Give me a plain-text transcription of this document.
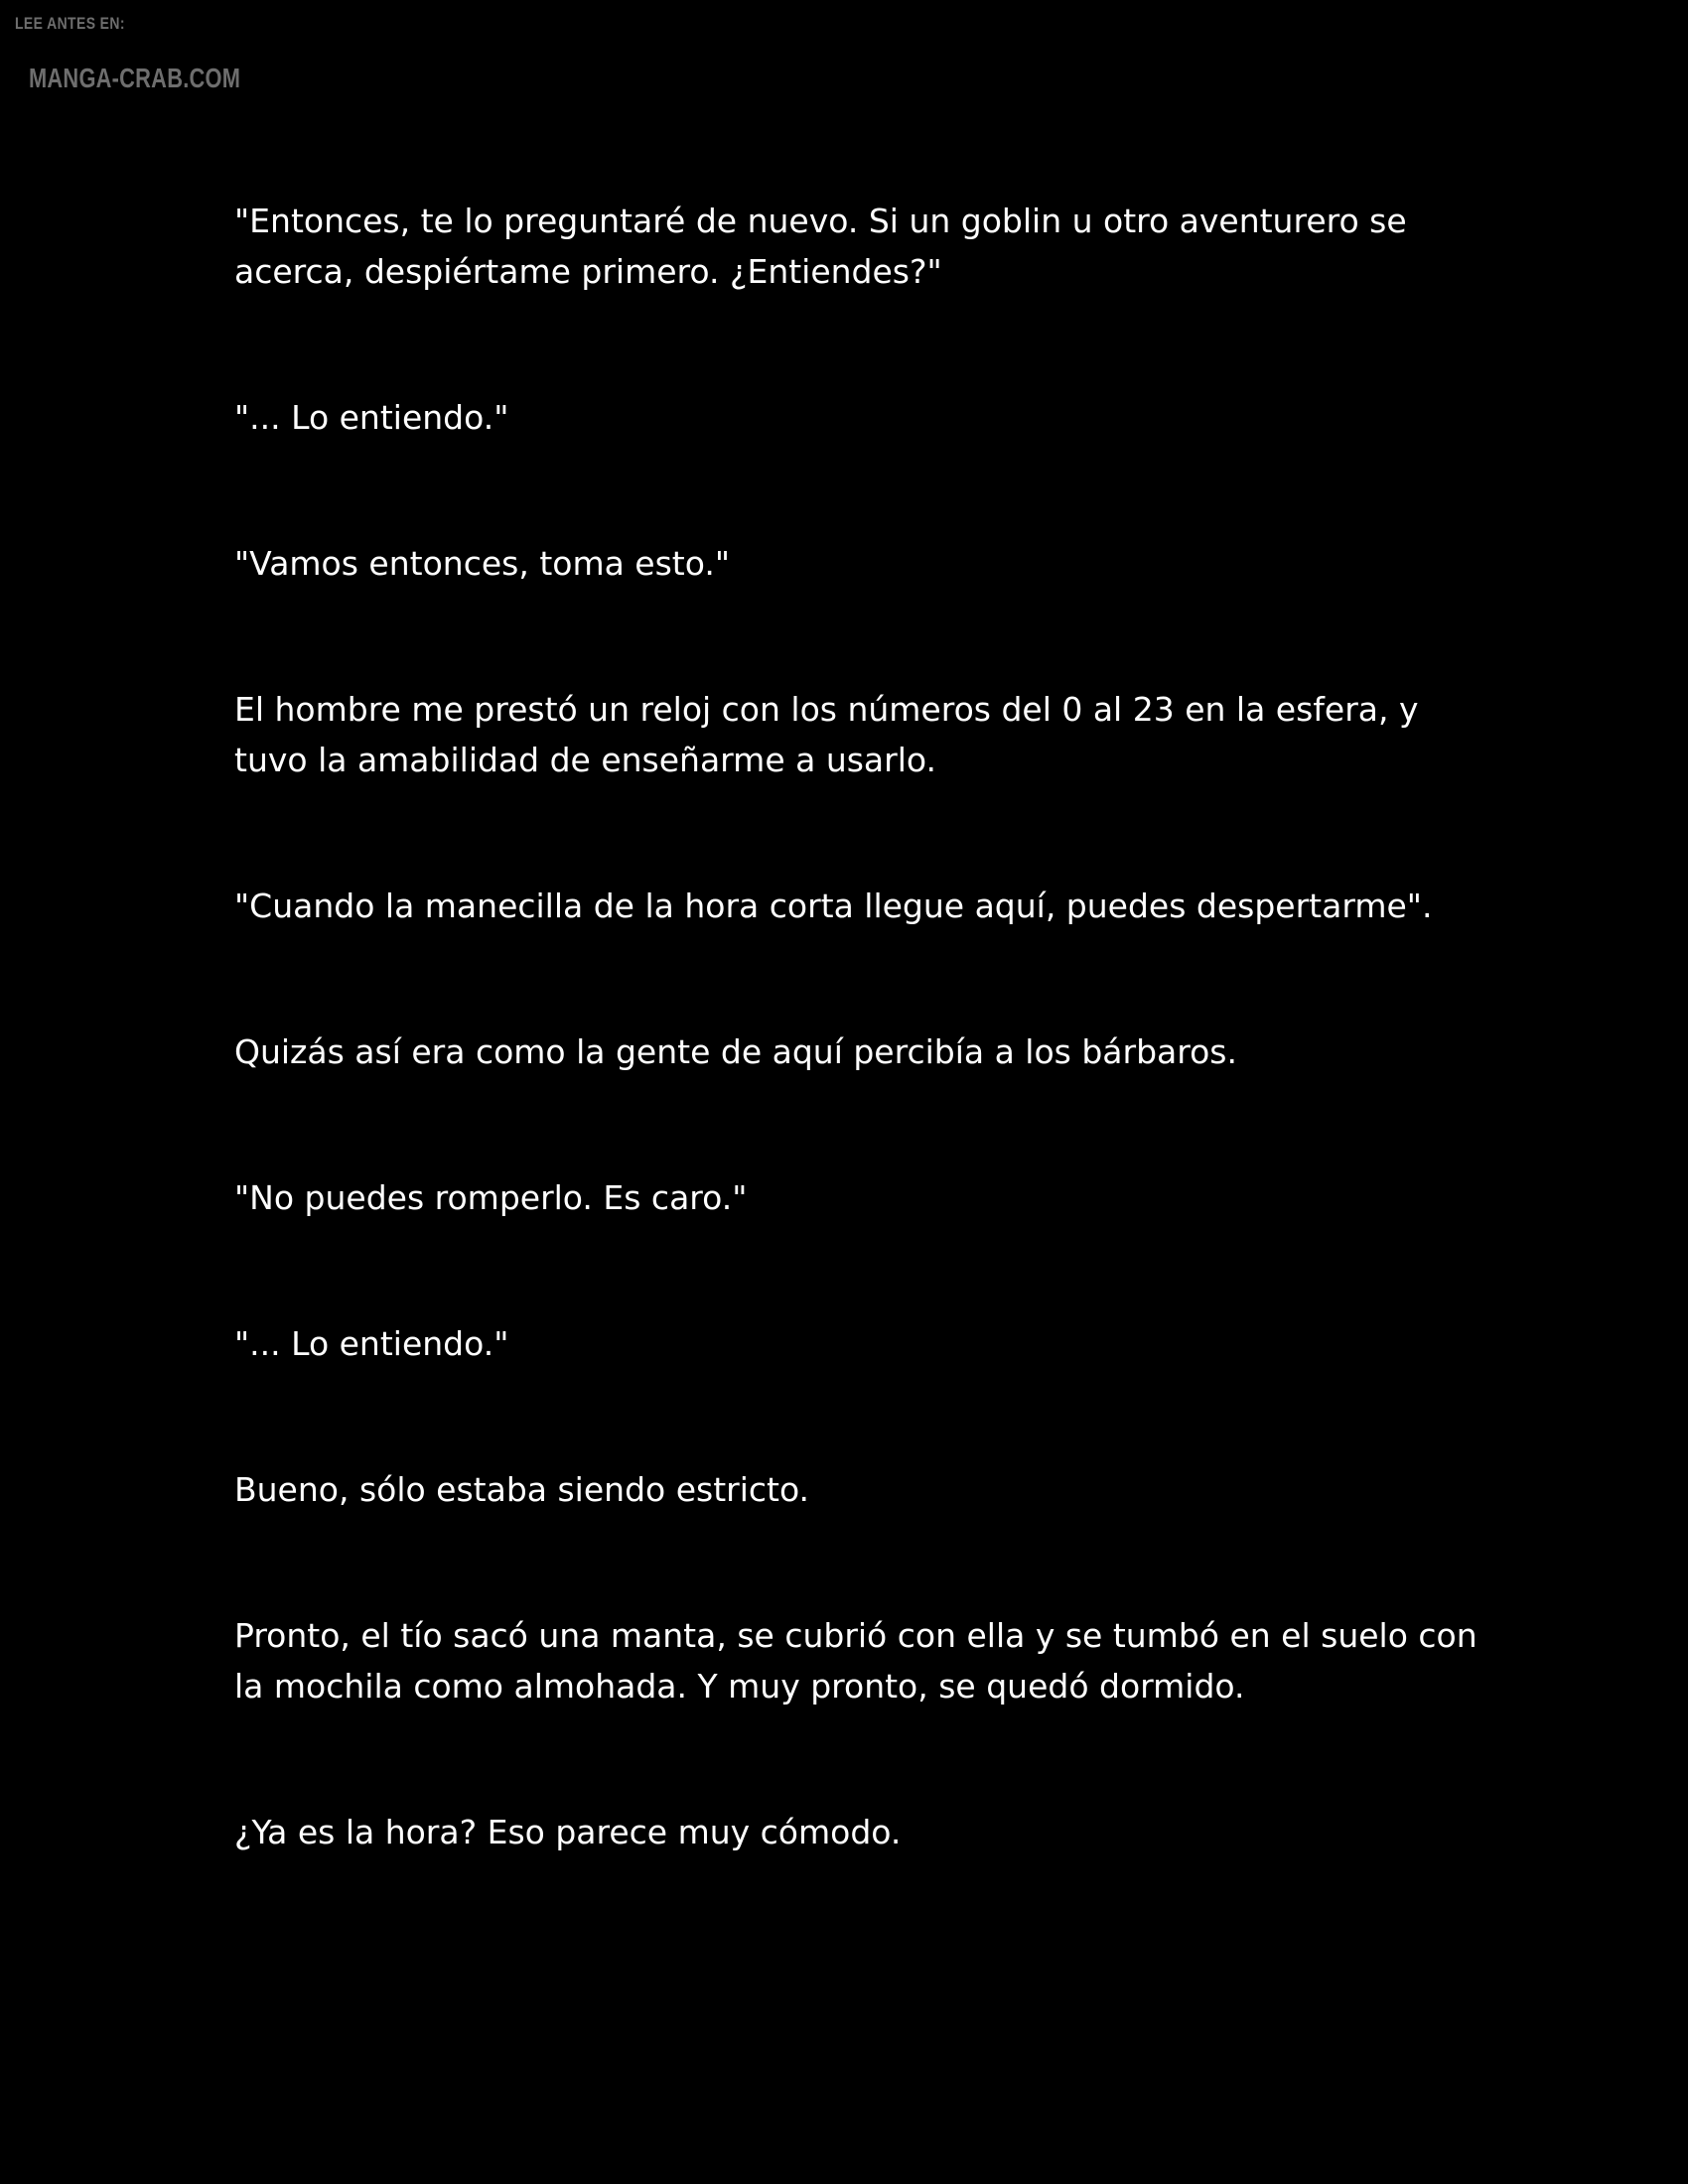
LEE ANTES EN:
MANGA-CRAB.COM

"Entonces, te lo preguntaré de nuevo. Si un goblin u otro aventurero se acerca, despiértame primero. ¿Entiendes?"

"... Lo entiendo."

"Vamos entonces, toma esto."

El hombre me prestó un reloj con los números del 0 al 23 en la esfera, y tuvo la amabilidad de enseñarme a usarlo.

"Cuando la manecilla de la hora corta llegue aquí, puedes despertarme".

Quizás así era como la gente de aquí percibía a los bárbaros.

"No puedes romperlo. Es caro."

"... Lo entiendo."

Bueno, sólo estaba siendo estricto.

Pronto, el tío sacó una manta, se cubrió con ella y se tumbó en el suelo con la mochila como almohada. Y muy pronto, se quedó dormido.

¿Ya es la hora? Eso parece muy cómodo.
